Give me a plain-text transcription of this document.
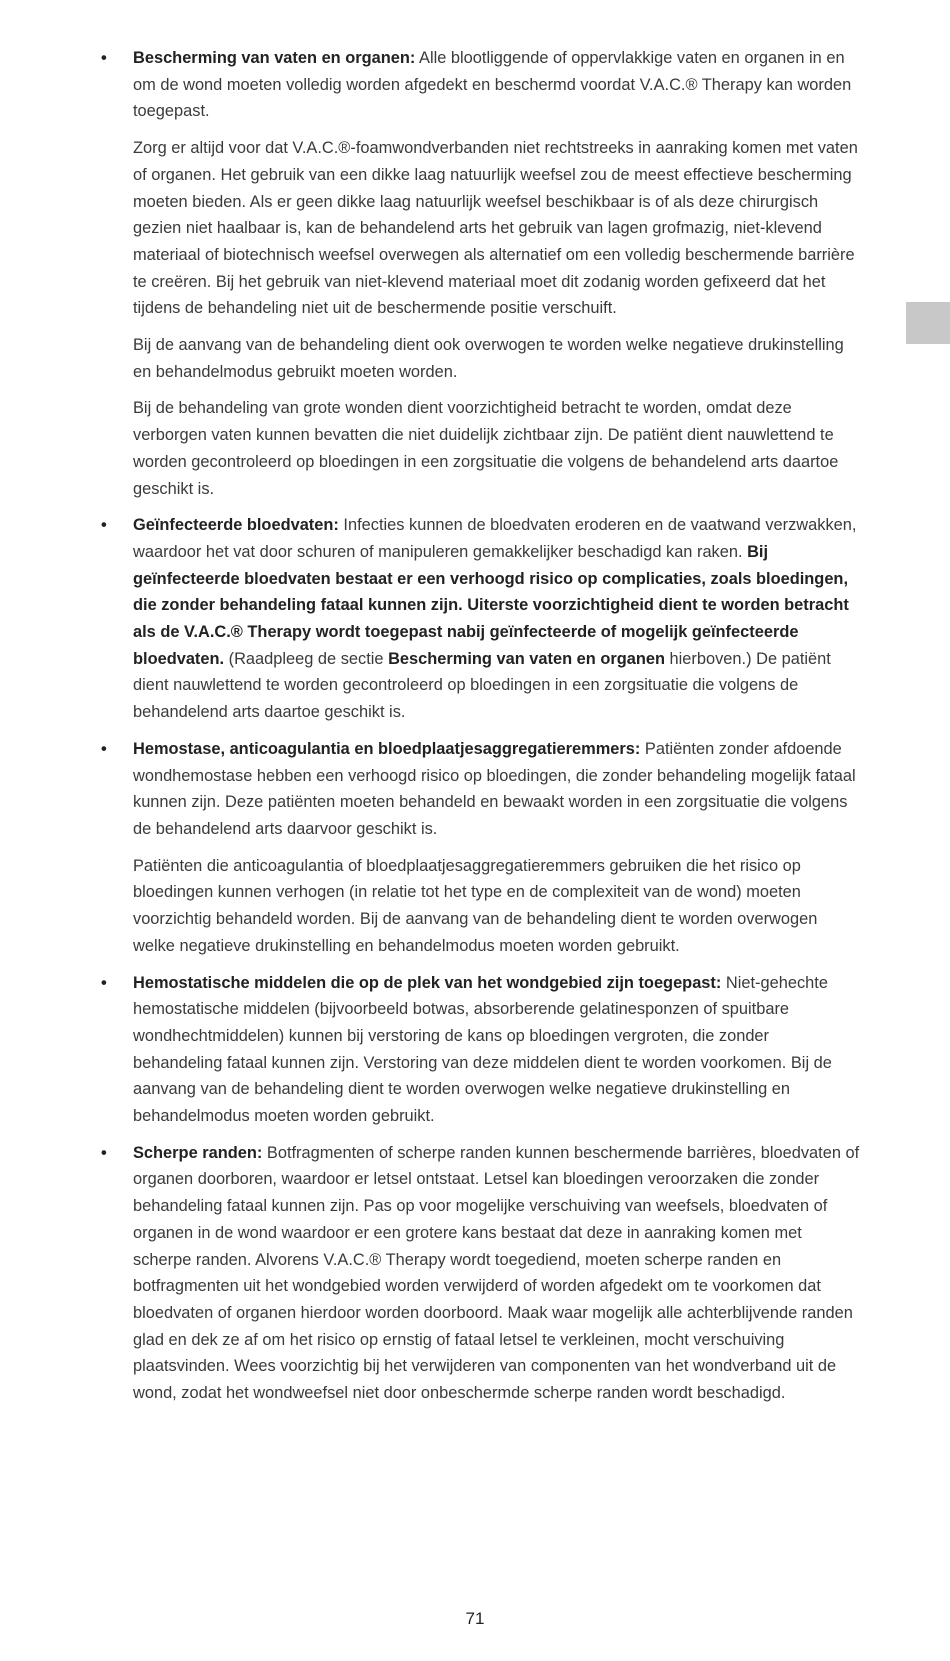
• Bescherming van vaten en organen: Alle blootliggende of oppervlakkige vaten en organen in en om de wond moeten volledig worden afgedekt en beschermd voordat V.A.C.® Therapy kan worden toegepast.

Zorg er altijd voor dat V.A.C.®-foamwondverbanden niet rechtstreeks in aanraking komen met vaten of organen. Het gebruik van een dikke laag natuurlijk weefsel zou de meest effectieve bescherming moeten bieden. Als er geen dikke laag natuurlijk weefsel beschikbaar is of als deze chirurgisch gezien niet haalbaar is, kan de behandelend arts het gebruik van lagen grofmazig, niet-klevend materiaal of biotechnisch weefsel overwegen als alternatief om een volledig beschermende barrière te creëren. Bij het gebruik van niet-klevend materiaal moet dit zodanig worden gefixeerd dat het tijdens de behandeling niet uit de beschermende positie verschuift.

Bij de aanvang van de behandeling dient ook overwogen te worden welke negatieve drukinstelling en behandelmodus gebruikt moeten worden.

Bij de behandeling van grote wonden dient voorzichtigheid betracht te worden, omdat deze verborgen vaten kunnen bevatten die niet duidelijk zichtbaar zijn. De patiënt dient nauwlettend te worden gecontroleerd op bloedingen in een zorgsituatie die volgens de behandelend arts daartoe geschikt is.

• Geïnfecteerde bloedvaten: Infecties kunnen de bloedvaten eroderen en de vaatwand verzwakken, waardoor het vat door schuren of manipuleren gemakkelijker beschadigd kan raken. Bij geïnfecteerde bloedvaten bestaat er een verhoogd risico op complicaties, zoals bloedingen, die zonder behandeling fataal kunnen zijn. Uiterste voorzichtigheid dient te worden betracht als de V.A.C.® Therapy wordt toegepast nabij geïnfecteerde of mogelijk geïnfecteerde bloedvaten. (Raadpleeg de sectie Bescherming van vaten en organen hierboven.) De patiënt dient nauwlettend te worden gecontroleerd op bloedingen in een zorgsituatie die volgens de behandelend arts daartoe geschikt is.

• Hemostase, anticoagulantia en bloedplaatjesaggregatieremmers: Patiënten zonder afdoende wondhemostase hebben een verhoogd risico op bloedingen, die zonder behandeling mogelijk fataal kunnen zijn. Deze patiënten moeten behandeld en bewaakt worden in een zorgsituatie die volgens de behandelend arts daarvoor geschikt is.

Patiënten die anticoagulantia of bloedplaatjesaggregatieremmers gebruiken die het risico op bloedingen kunnen verhogen (in relatie tot het type en de complexiteit van de wond) moeten voorzichtig behandeld worden. Bij de aanvang van de behandeling dient te worden overwogen welke negatieve drukinstelling en behandelmodus moeten worden gebruikt.

• Hemostatische middelen die op de plek van het wondgebied zijn toegepast: Niet-gehechte hemostatische middelen (bijvoorbeeld botwas, absorberende gelatinesponzen of spuitbare wondhechtmiddelen) kunnen bij verstoring de kans op bloedingen vergroten, die zonder behandeling fataal kunnen zijn. Verstoring van deze middelen dient te worden voorkomen. Bij de aanvang van de behandeling dient te worden overwogen welke negatieve drukinstelling en behandelmodus moeten worden gebruikt.

• Scherpe randen: Botfragmenten of scherpe randen kunnen beschermende barrières, bloedvaten of organen doorboren, waardoor er letsel ontstaat. Letsel kan bloedingen veroorzaken die zonder behandeling fataal kunnen zijn. Pas op voor mogelijke verschuiving van weefsels, bloedvaten of organen in de wond waardoor er een grotere kans bestaat dat deze in aanraking komen met scherpe randen. Alvorens V.A.C.® Therapy wordt toegediend, moeten scherpe randen en botfragmenten uit het wondgebied worden verwijderd of worden afgedekt om te voorkomen dat bloedvaten of organen hierdoor worden doorboord. Maak waar mogelijk alle achterblijvende randen glad en dek ze af om het risico op ernstig of fataal letsel te verkleinen, mocht verschuiving plaatsvinden. Wees voorzichtig bij het verwijderen van componenten van het wondverband uit de wond, zodat het wondweefsel niet door onbeschermde scherpe randen wordt beschadigd.

71
